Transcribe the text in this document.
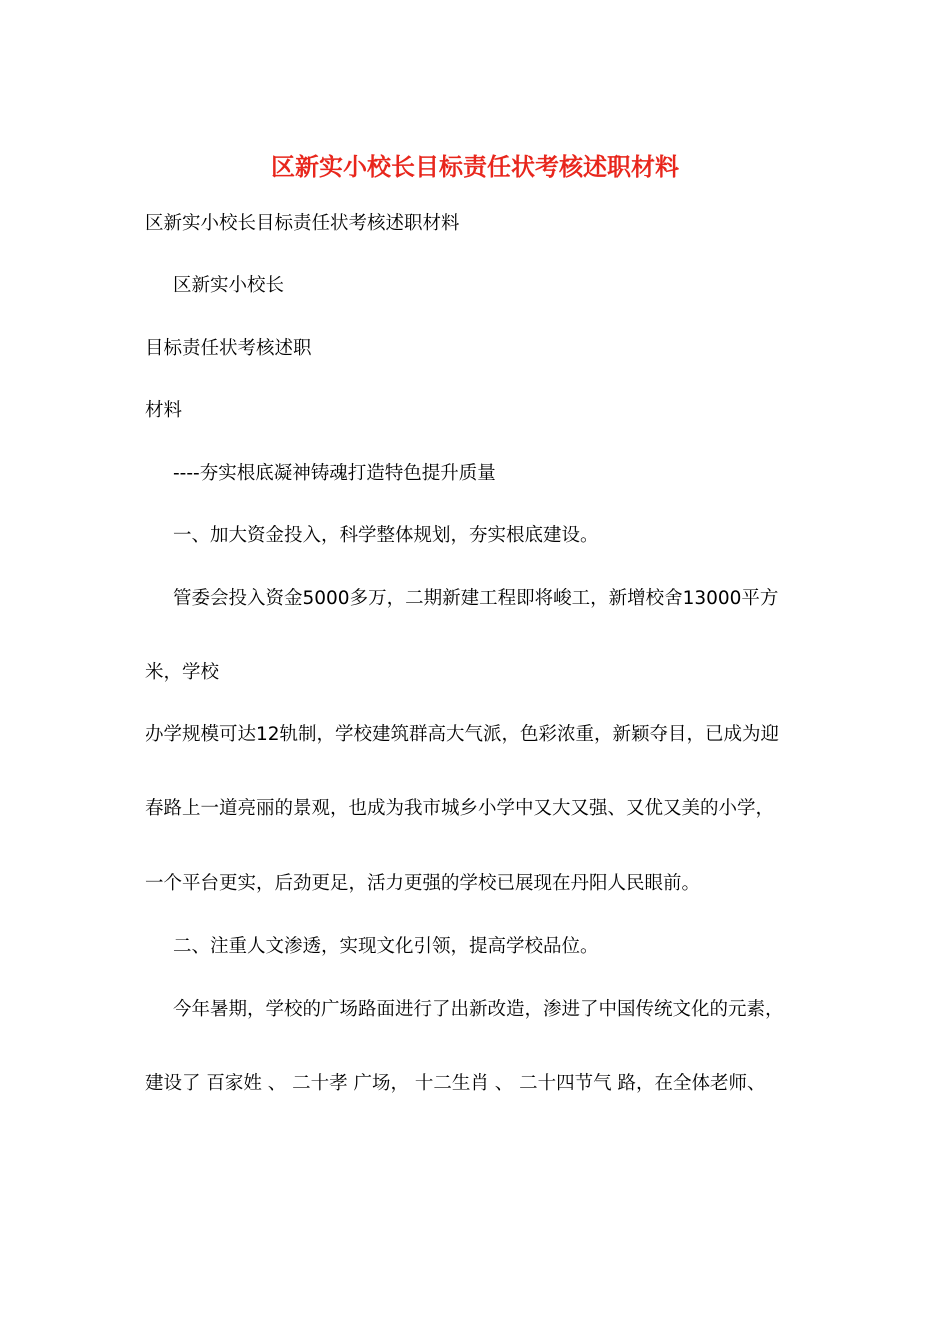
区新实小校长目标责任状考核述职材料
区新实小校长目标责任状考核述职材料
区新实小校长
目标责任状考核述职
材料
----夯实根底凝神铸魂打造特色提升质量
一、加大资金投入，科学整体规划，夯实根底建设。
管委会投入资金5000多万，二期新建工程即将峻工，新增校舍13000平方
米，学校
办学规模可达12轨制，学校建筑群高大气派，色彩浓重，新颖夺目，已成为迎
春路上一道亮丽的景观，也成为我市城乡小学中又大又强、又优又美的小学，
一个平台更实，后劲更足，活力更强的学校已展现在丹阳人民眼前。
二、注重人文渗透，实现文化引领，提高学校品位。
今年暑期，学校的广场路面进行了出新改造，渗进了中国传统文化的元素，
建设了 百家姓 、 二十孝 广场， 十二生肖 、 二十四节气 路，在全体老师、
